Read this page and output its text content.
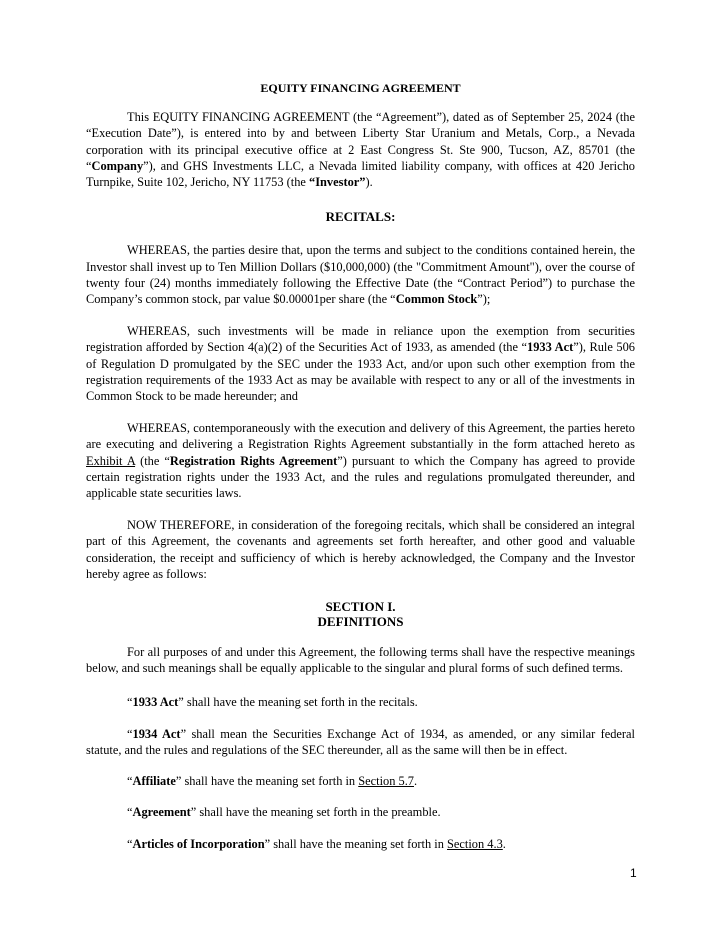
EQUITY FINANCING AGREEMENT

This EQUITY FINANCING AGREEMENT (the “Agreement”), dated as of September 25, 2024 (the “Execution Date”), is entered into by and between Liberty Star Uranium and Metals, Corp., a Nevada corporation with its principal executive office at 2 East Congress St. Ste 900, Tucson, AZ, 85701 (the “Company”), and GHS Investments LLC, a Nevada limited liability company, with offices at 420 Jericho Turnpike, Suite 102, Jericho, NY 11753 (the “Investor”).

RECITALS:

WHEREAS, the parties desire that, upon the terms and subject to the conditions contained herein, the Investor shall invest up to Ten Million Dollars ($10,000,000) (the "Commitment Amount"), over the course of twenty four (24) months immediately following the Effective Date (the “Contract Period”) to purchase the Company’s common stock, par value $0.00001per share (the “Common Stock”);

WHEREAS, such investments will be made in reliance upon the exemption from securities registration afforded by Section 4(a)(2) of the Securities Act of 1933, as amended (the “1933 Act”), Rule 506 of Regulation D promulgated by the SEC under the 1933 Act, and/or upon such other exemption from the registration requirements of the 1933 Act as may be available with respect to any or all of the investments in Common Stock to be made hereunder; and

WHEREAS, contemporaneously with the execution and delivery of this Agreement, the parties hereto are executing and delivering a Registration Rights Agreement substantially in the form attached hereto as Exhibit A (the “Registration Rights Agreement”) pursuant to which the Company has agreed to provide certain registration rights under the 1933 Act, and the rules and regulations promulgated thereunder, and applicable state securities laws.

NOW THEREFORE, in consideration of the foregoing recitals, which shall be considered an integral part of this Agreement, the covenants and agreements set forth hereafter, and other good and valuable consideration, the receipt and sufficiency of which is hereby acknowledged, the Company and the Investor hereby agree as follows:

SECTION I.
DEFINITIONS

For all purposes of and under this Agreement, the following terms shall have the respective meanings below, and such meanings shall be equally applicable to the singular and plural forms of such defined terms.

“1933 Act” shall have the meaning set forth in the recitals.

“1934 Act” shall mean the Securities Exchange Act of 1934, as amended, or any similar federal statute, and the rules and regulations of the SEC thereunder, all as the same will then be in effect.

“Affiliate” shall have the meaning set forth in Section 5.7.

“Agreement” shall have the meaning set forth in the preamble.

“Articles of Incorporation” shall have the meaning set forth in Section 4.3.

1
